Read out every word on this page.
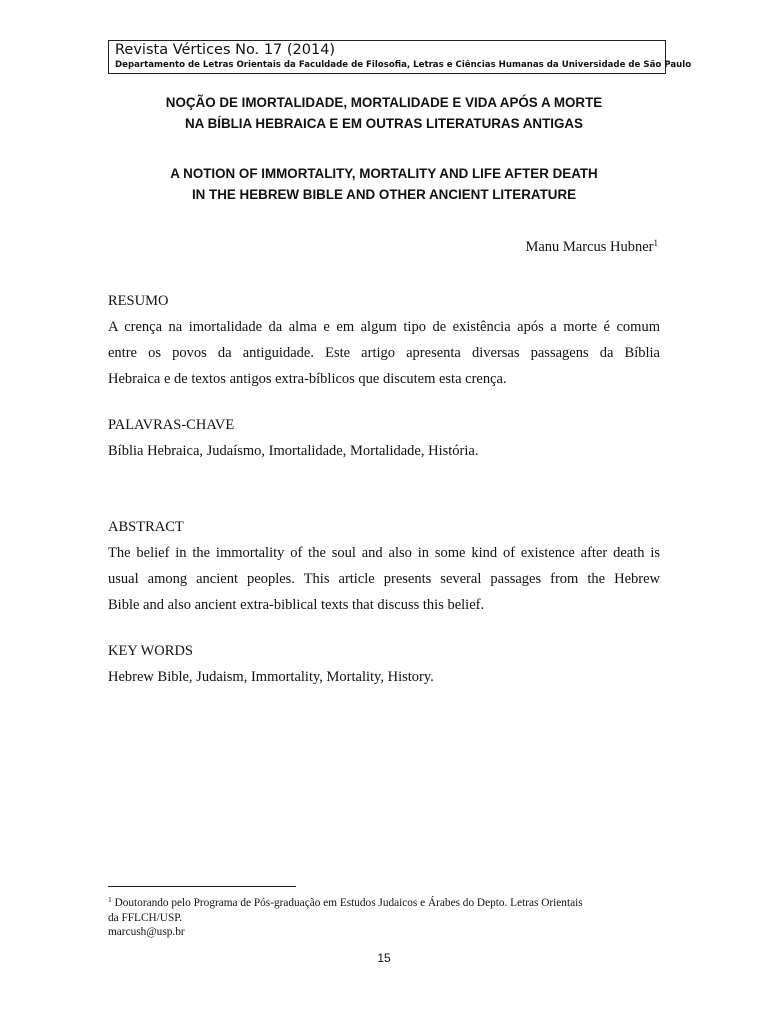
Revista Vértices No. 17 (2014)
Departamento de Letras Orientais da Faculdade de Filosofia, Letras e Ciências Humanas da Universidade de São Paulo
NOÇÃO DE IMORTALIDADE, MORTALIDADE E VIDA APÓS A MORTE
NA BÍBLIA HEBRAICA E EM OUTRAS LITERATURAS ANTIGAS
A NOTION OF IMMORTALITY, MORTALITY AND LIFE AFTER DEATH
IN THE HEBREW BIBLE AND OTHER ANCIENT LITERATURE
Manu Marcus Hubner$^1$
RESUMO
A crença na imortalidade da alma e em algum tipo de existência após a morte é comum
entre os povos da antiguidade. Este artigo apresenta diversas passagens da Bíblia
Hebraica e de textos antigos extra-bíblicos que discutem esta crença.
PALAVRAS-CHAVE
Bíblia Hebraica, Judaísmo, Imortalidade, Mortalidade, História.
ABSTRACT
The belief in the immortality of the soul and also in some kind of existence after death is
usual among ancient peoples. This article presents several passages from the Hebrew
Bible and also ancient extra-biblical texts that discuss this belief.
KEY WORDS
Hebrew Bible, Judaism, Immortality, Mortality, History.
$^1$ Doutorando pelo Programa de Pós-graduação em Estudos Judaicos e Árabes do Depto. Letras Orientais
da FFLCH/USP.
marcush@usp.br
15
